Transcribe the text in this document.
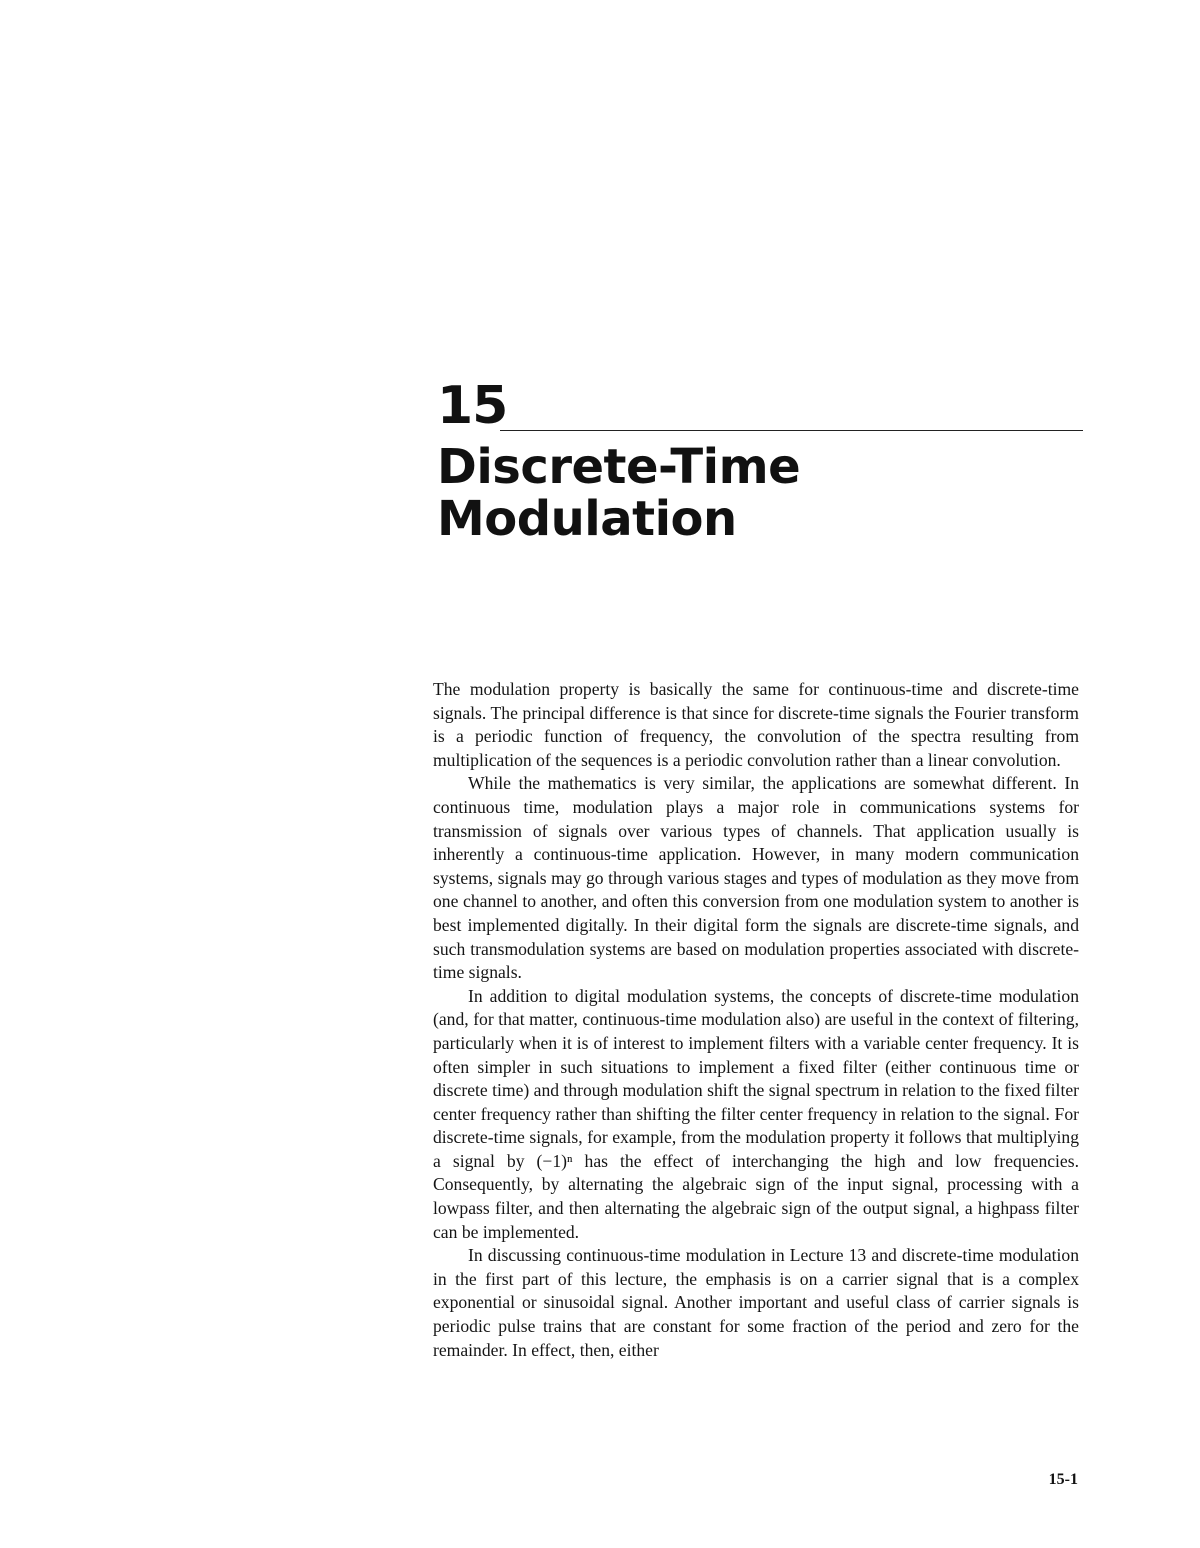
15
Discrete-Time
Modulation

The modulation property is basically the same for continuous-time and discrete-time signals. The principal difference is that since for discrete-time signals the Fourier transform is a periodic function of frequency, the convolution of the spectra resulting from multiplication of the sequences is a periodic convolution rather than a linear convolution.

While the mathematics is very similar, the applications are somewhat different. In continuous time, modulation plays a major role in communications systems for transmission of signals over various types of channels. That application usually is inherently a continuous-time application. However, in many modern communication systems, signals may go through various stages and types of modulation as they move from one channel to another, and often this conversion from one modulation system to another is best implemented digitally. In their digital form the signals are discrete-time signals, and such transmodulation systems are based on modulation properties associated with discrete-time signals.

In addition to digital modulation systems, the concepts of discrete-time modulation (and, for that matter, continuous-time modulation also) are useful in the context of filtering, particularly when it is of interest to implement filters with a variable center frequency. It is often simpler in such situations to implement a fixed filter (either continuous time or discrete time) and through modulation shift the signal spectrum in relation to the fixed filter center frequency rather than shifting the filter center frequency in relation to the signal. For discrete-time signals, for example, from the modulation property it follows that multiplying a signal by (−1)ⁿ has the effect of interchanging the high and low frequencies. Consequently, by alternating the algebraic sign of the input signal, processing with a lowpass filter, and then alternating the algebraic sign of the output signal, a highpass filter can be implemented.

In discussing continuous-time modulation in Lecture 13 and discrete-time modulation in the first part of this lecture, the emphasis is on a carrier signal that is a complex exponential or sinusoidal signal. Another important and useful class of carrier signals is periodic pulse trains that are constant for some fraction of the period and zero for the remainder. In effect, then, either

15-1
